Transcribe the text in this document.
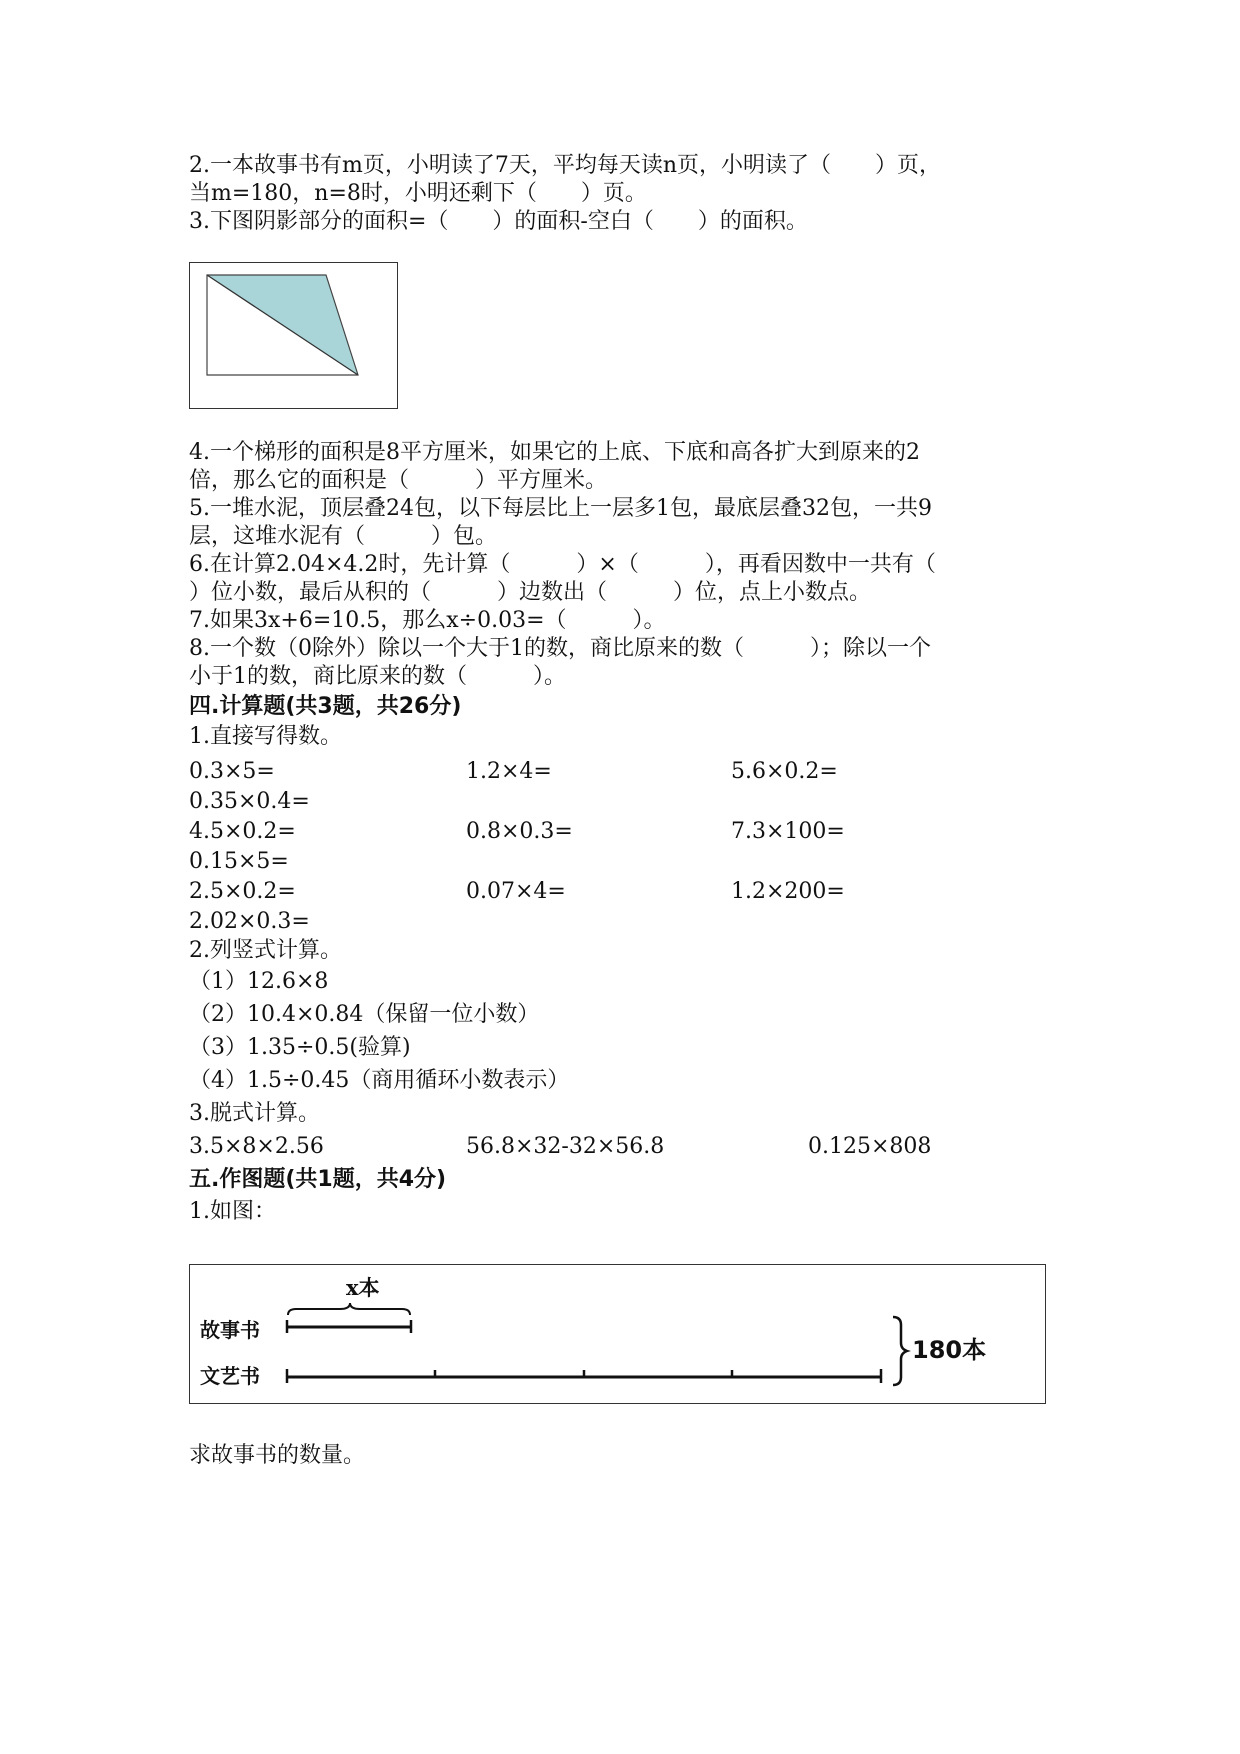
2.一本故事书有m页，小明读了7天，平均每天读n页，小明读了（　　）页，
当m=180，n=8时，小明还剩下（　　）页。
3.下图阴影部分的面积=（　　）的面积-空白（　　）的面积。
4.一个梯形的面积是8平方厘米，如果它的上底、下底和高各扩大到原来的2
倍，那么它的面积是（　　　）平方厘米。
5.一堆水泥，顶层叠24包，以下每层比上一层多1包，最底层叠32包，一共9
层，这堆水泥有（　　　）包。
6.在计算2.04×4.2时，先计算（　　　）×（　　　），再看因数中一共有（
）位小数，最后从积的（　　　）边数出（　　　）位，点上小数点。
7.如果3x+6=10.5，那么x÷0.03=（　　　）。
8.一个数（0除外）除以一个大于1的数，商比原来的数（　　　）；除以一个
小于1的数，商比原来的数（　　　）。
四.计算题(共3题，共26分)
1.直接写得数。
0.3×5=	1.2×4=	5.6×0.2=
0.35×0.4=
4.5×0.2=	0.8×0.3=	7.3×100=
0.15×5=
2.5×0.2=	0.07×4=	1.2×200=
2.02×0.3=
2.列竖式计算。
（1）12.6×8
（2）10.4×0.84（保留一位小数）
（3）1.35÷0.5(验算)
（4）1.5÷0.45（商用循环小数表示）
3.脱式计算。
3.5×8×2.56	56.8×32-32×56.8	0.125×808
五.作图题(共1题，共4分)
1.如图：
x本
故事书
文艺书
180本
求故事书的数量。
